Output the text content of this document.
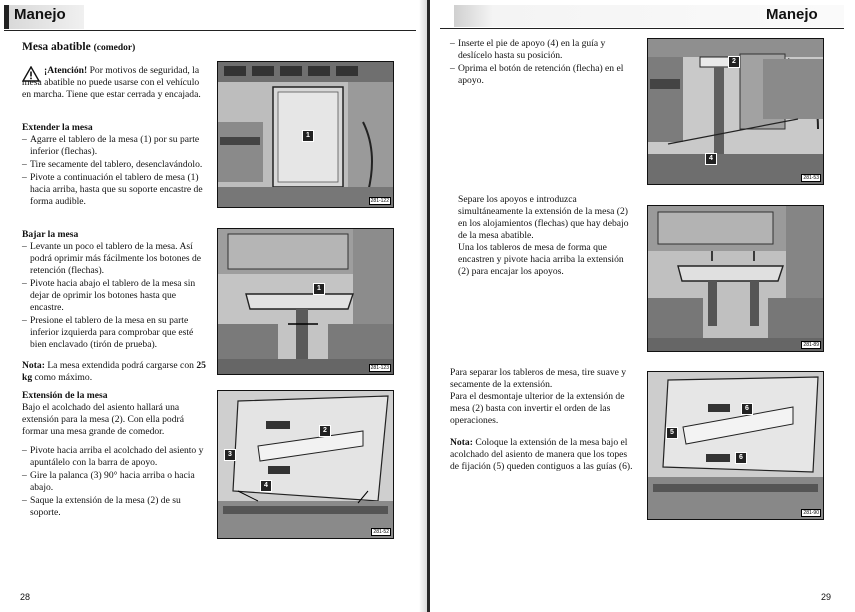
Manejo
Mesa abatible (comedor)
¡Atención! Por motivos de seguridad, la mesa abatible no puede usarse con el vehículo en marcha. Tiene que estar cerrada y encajada.
Extender la mesa
– Agarre el tablero de la mesa (1) por su parte inferior (flechas).
– Tire secamente del tablero, desenclavándolo.
– Pivote a continuación el tablero de mesa (1) hacia arriba, hasta que su soporte encastre de forma audible.
Bajar la mesa
– Levante un poco el tablero de la mesa. Así podrá oprimir más fácilmente los botones de retención (flechas).
– Pivote hacia abajo el tablero de la mesa sin dejar de oprimir los botones hasta que encastre.
– Presione el tablero de la mesa en su parte inferior izquierda para comprobar que esté bien enclavado (tirón de prueba).
Nota: La mesa extendida podrá cargarse con 25 kg como máximo.
Extensión de la mesa
Bajo el acolchado del asiento hallará una extensión para la mesa (2). Con ella podrá formar una mesa grande de comedor.
– Pivote hacia arriba el acolchado del asiento y apuntálelo con la barra de apoyo.
– Gire la palanca (3) 90° hacia arriba o hacia abajo.
– Saque la extensión de la mesa (2) de su soporte.
1
281-122
1
281-123
2
3
4
281-52
28
Manejo
– Inserte el pie de apoyo (4) en la guía y deslícelo hasta su posición.
– Oprima el botón de retención (flecha) en el apoyo.
Separe los apoyos e introduzca simultáneamente la extensión de la mesa (2) en los alojamientos (flechas) que hay debajo de la mesa abatible.
Una los tableros de mesa de forma que encastren y pivote hacia arriba la extensión (2) para encajar los apoyos.
Para separar los tableros de mesa, tire suave y secamente de la extensión.
Para el desmontaje ulterior de la extensión de mesa (2) basta con invertir el orden de las operaciones.
Nota: Coloque la extensión de la mesa bajo el acolchado del asiento de manera que los topes de fijación (5) queden contiguos a las guías (6).
2
4
281-53
281-89
6
5
6
281-90
29
